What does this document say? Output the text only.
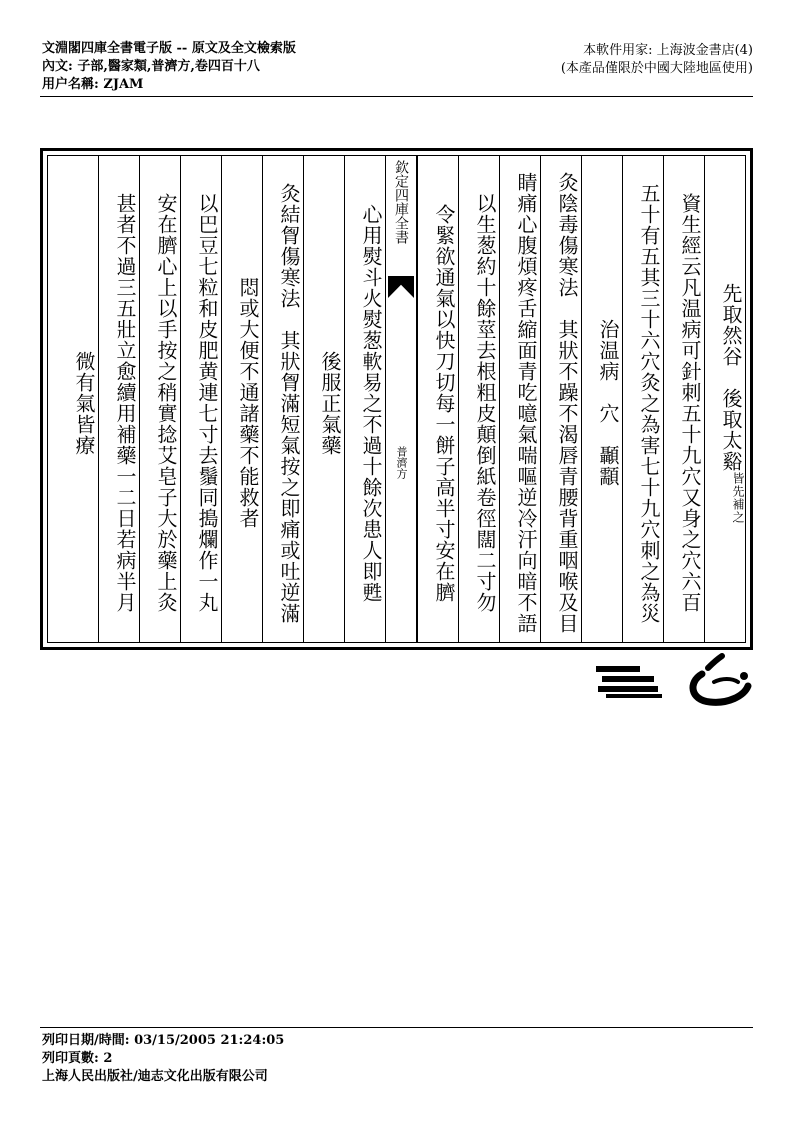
文淵閣四庫全書電子版 -- 原文及全文檢索版
內文: 子部,醫家類,普濟方,卷四百十八
用户名稱: ZJAM
本軟件用家: 上海波金書店(4)
(本產品僅限於中國大陸地區使用)
先取然谷　後取太谿
皆先補之
資生經云凡温病可針刺五十九穴又身之穴六百
五十有五其三十六穴灸之為害七十九穴刺之為災
治温病　穴　顳顬
灸陰毒傷寒法　其狀不躁不渴唇青腰背重咽喉及目
睛痛心腹煩疼舌縮面青吃噫氣喘嘔逆冷汗向暗不語
以生葱約十餘莖去根粗皮顛倒紙卷徑闊二寸勿
令緊欲通氣以快刀切每一餅子高半寸安在臍
欽定四庫全書
普濟方
心用熨斗火熨葱軟易之不過十餘次患人即甦
後服正氣藥
灸結胷傷寒法　其狀胷滿短氣按之即痛或吐逆滿
悶或大便不通諸藥不能救者
以巴豆七粒和皮肥黄連七寸去鬚同搗爛作一丸
安在臍心上以手按之稍實捻艾皂子大於藥上灸
甚者不過三五壯立愈續用補藥一二日若病半月
微有氣皆療
列印日期/時間: 03/15/2005 21:24:05
列印頁數: 2
上海人民出版社/迪志文化出版有限公司
